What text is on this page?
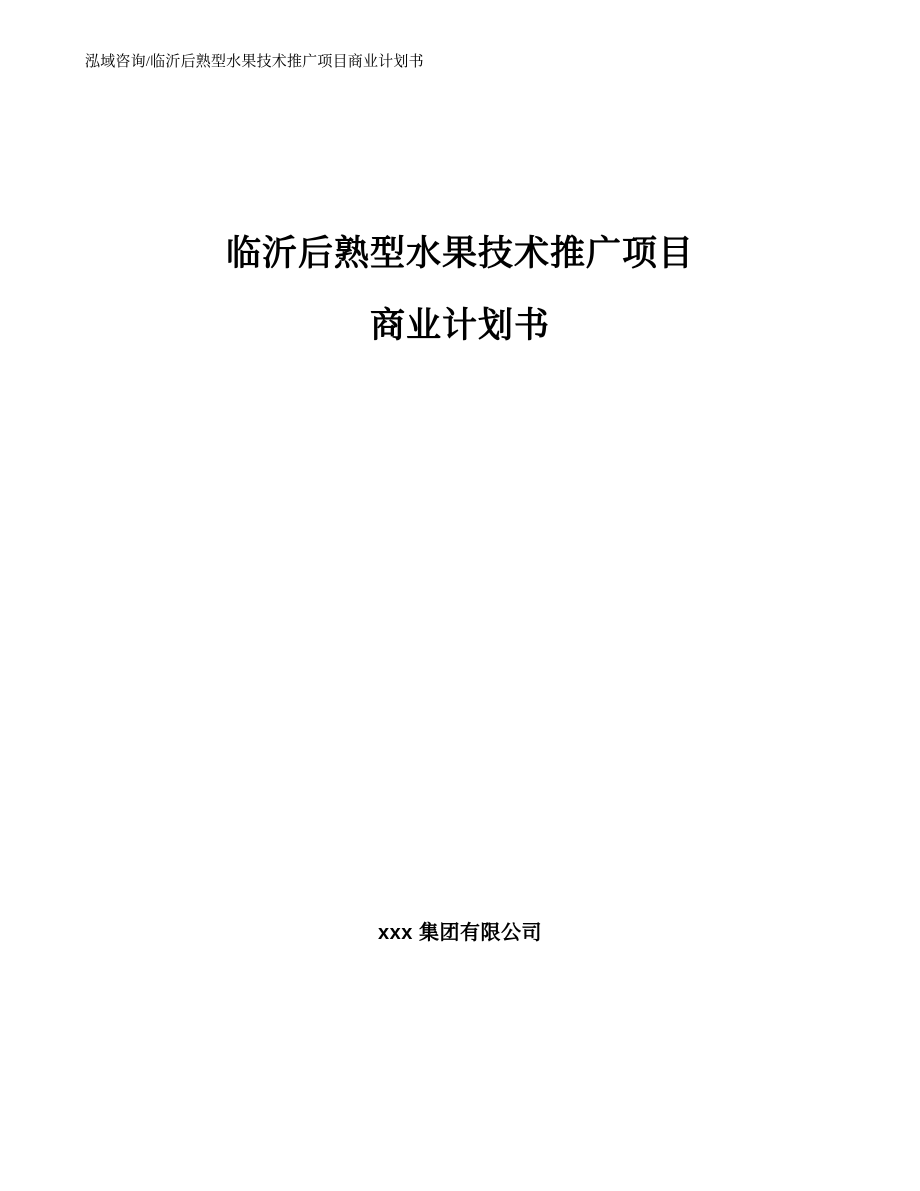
泓域咨询/临沂后熟型水果技术推广项目商业计划书
临沂后熟型水果技术推广项目
商业计划书
xxx 集团有限公司
